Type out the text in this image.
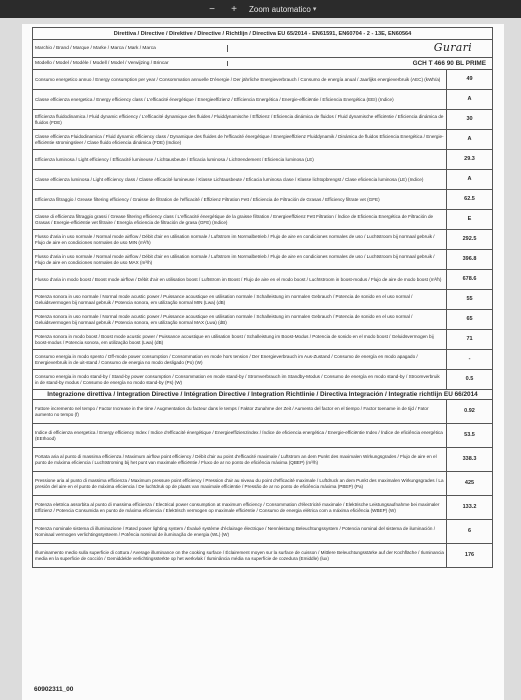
−	+	Zoom automatico ▾
Direttiva / Directive / Direktive / Directive / Richtlijn / Directiva EU 65/2014 - EN61591, EN60704 - 2 - 13E, EN60564	

Marchio / Brand / Marque / Marke / Marca / Mark / Marca Gurari	

Modello / Model / Modèle / Modell / Model / Verwijzing / Brincar GCH T 466 90 BL PRIME	

Consumo energetico annuo / Energy consumption per year / Consommation annuelle D'énergie / Der jährliche Energieverbrauch / Consumo de energía anual / Jaarlijks energieverbruik (AEC) (kWh/a)	49
Classe efficienza energetica / Energy efficiency class / L'efficacité énergétique / Energieeffizienz / Efficiencia Energética / Energie-efficiëntie / Eficiencia Energética (EEI) (Indice)	A
Efficienza fluidodinamica / Fluid dynamic efficiency / L'efficacité dynamique des fluides / Fluiddynamische / Effizienz / Eficiencia dinámica de fluidos / Fluid dynamische efficiëntie / Eficiencia dinámica de fluidos (FDE)	30
Classe efficienza Fluidodinamica / Fluid dynamic efficiency class / Dynamique des fluides de l'efficacité énergétique / Energieeffizienz Fluiddynamik / Dinámica de fluidos Eficiencia Energética / Energie-efficiëntie stromingsleer / Clase fluido eficiencia dinámica (FDE) (Indice)	A
Efficienza luminosa / Light efficiency / Efficacité lumineuse / Lichtausbeute / Eficacia luminosa / Lichtrendement / Eficiencia luminosa (LE)	29.3
Classe efficienza luminosa / Light efficiency class / Classe efficacité lumineuse / Klasse Lichtausbeute / Eficacia luminosa clase / Klasse lichtopbrengst / Clase eficiencia luminosa (LE) (Indice)	A
Efficienza filtraggio / Grease filtering efficiency / Graisse de filtration de l'efficacité / Effizienz Filtration Fett / Eficiencia de Filtración de Grasas / Efficiency filtrate vet (GFE)	62.5
Classe di efficienza filtraggio grassi / Grease filtering efficiency class / L'efficacité énergétique de la graisse filtration / Energieeffizienz Fett Filtration / Índice de Eficiencia Energética de Filtración de Grasas / Energie-efficiëntie vet filtraire / Energía eficiencia de filtración de grasa (GFE) (Indice)	E
Flusso d'aria in uso normale / Normal mode airflow / Débit d'air en utilisation normale / Luftstrom im Normalbetrieb / Flujo de aire en condiciones normales de uso / Luchtstroom bij normaal gebruik / Flujo de aire en condiciones normales de uso MIN (m³/h)	292.5
Flusso d'aria in uso normale / Normal mode airflow / Débit d'air en utilisation normale / Luftstrom im Normalbetrieb / Flujo de aire en condiciones normales de uso / Luchtstroom bij normaal gebruik / Flujo de aire en condiciones normales de uso MAX (m³/h)	396.8
Flusso d'aria in modo boost / Boost mode airflow / Débit d'air en utilisation boost / Luftstrom im Boost / Flujo de aire en el modo boost / Luchtstroom in boost-modus / Flujo de aire de modo boost (m³/h)	678.6
Potenza sonora in uso normale / Normal mode acustic power / Puissance acoustique en utilisation normale / Schalleistung im normalen Gebrauch / Potencia de sonido en el uso normal / Geluidsvermogen bij normaal gebruik / Potencia sonora, em utilização normal MIN (Lwa) (dB)	55
Potenza sonora in uso normale / Normal mode acustic power / Puissance acoustique en utilisation normale / Schalleistung im normalen Gebrauch / Potencia de sonido en el uso normal / Geluidsvermogen bij normaal gebruik / Potencia sonora, em utilização normal MAX (Lwa) (dB)	65
Potenza sonora in modo boost / Boost mode acustic power / Puissance acoustique en utilisation boost / Schalleistung im Boost-Modus / Potencia de sonido en el modo boost / Geluidsvermogen bij boost-modus / Potencia sonora, em utilização boost (Lwa) (dB)	71
Consumo energia in modo spento / Off-mode power consumption / Consommation en mode hors tension / Der Energieverbrauch im Aus-Zustand / Consumo de energía en modo apagado / Energieverbruik in de uit-stand / Consumo de energia no modo desligado (Po) (W)	-
Consumo energia in modo stand-by / Stand-by power consumption / Consommation en mode stand-by / Stromverbrauch im Standby-Modus / Consumo de energía en modo stand-by / Stroomverbruik in de stand-by modus / Consumo de energía no modo stand-by (Ps) (W)	0.5
Integrazione direttiva / Integration Directive / Intégration Directive / Integration Richtlinie / Directiva Integración / Integratie richtlijn EU 66/2014	
Fattore incremento nel tempo / Factor Increase in the time / Augmentation du facteur dans le temps / Faktor Zunahme der Zeit / Aumento del factor en el tiempo / Factor toename in de tijd / Fator aumento no tempo (f)	0.92
Indice di efficienza energetica / Energy efficiency Index / Indice d'efficacité énergétique / Energieeffizienzindex / Índice de eficiencia energética / Energie-efficiëntie Index / Índice de eficiência energética (EEIhood)	53.5
Portata aria al punto di massima efficienza / Maximum airflow point efficiency / Débit d'air au point d'efficacité maximale / Luftstrom an dem Punkt des maximalen Wirkungsgrades / Flujo de aire en el punto de máxima eficiencia / Luchtstroming bij het punt van maximale efficiëntie / Fluxo de ar no ponto de eficiência máxima (QBEP) (m³/h)	338.3
Pressione aria al punto di massima efficienza / Maximum pressure point efficiency / Pression d'air au niveau du point d'efficacité maximale / Luftdruck an dem Punkt des maximalen Wirkungsgrades / La presión del aire en el punto de máxima eficiencia / De luchtdruk op de plaats van maximale efficiëntie / Pressão de ar no ponto de eficiência máxima (PBEP) (Pa)	425
Potenza elettrica assorbita al punto di massima efficienza / Electrical power consumption at maximum efficiency / Consommation d'électricité maximale / Elektrische Leistungsaufnahme bei maximaler Effizienz / Potencia Consumida en punto de máxima eficiencia / Elektrisch vermogen op maximale efficiëntie / Consumo de energia elétrica com a máxima eficiência (WBEP) (W)	133.2
Potenza nominale sistema di illuminazione / Rated power lighting system / Évalué système d'éclairage électrique / Nennleistung Beleuchtungssystem / Potencia nominal del sistema de iluminación / Nominaal vermogen verlichtingssysteem / Potência nominal de iluminação de energia (WL) (W)	6
Illuminamento medio sulla superficie di cottura / Average illuminance on the cooking surface / Éclairement moyen sur la surface de cuisson / Mittlere Beleuchtungsstärke auf der Kochfläche / Iluminancia media en la superficie de cocción / Gemiddelde verlichtingssterkte op het werkvlak / Iluminância média na superfície de cozedura (Emiddle) (lux)	176
60902311_00
